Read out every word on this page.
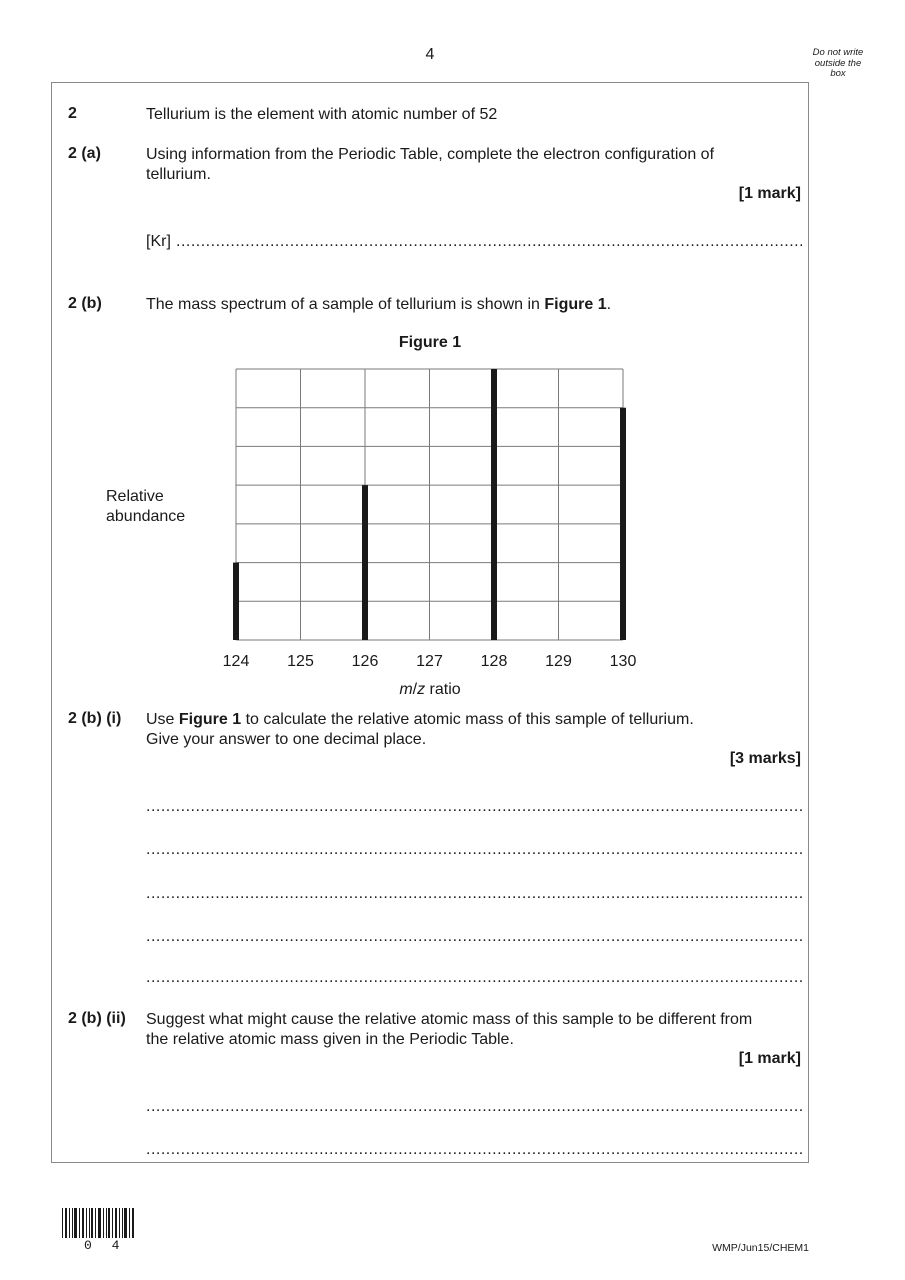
4	Do not write outside the box
2	Tellurium is the element with atomic number of 52
2 (a)	Using information from the Periodic Table, complete the electron configuration of tellurium.
[1 mark]
[Kr]
.....
2 (b)	The mass spectrum of a sample of tellurium is shown in Figure 1.
Figure 1
Relative
abundance
124 125 126 127 128 129 130
m/z ratio
2 (b) (i) Use Figure 1 to calculate the relative atomic mass of this sample of tellurium.
Give your answer to one decimal place.
[3 marks]
.....
.....
.....
.....
.....
2 (b) (ii) Suggest what might cause the relative atomic mass of this sample to be different from
the relative atomic mass given in the Periodic Table.
[1 mark]
.....
.....
0 4	WMP/Jun15/CHEM1
